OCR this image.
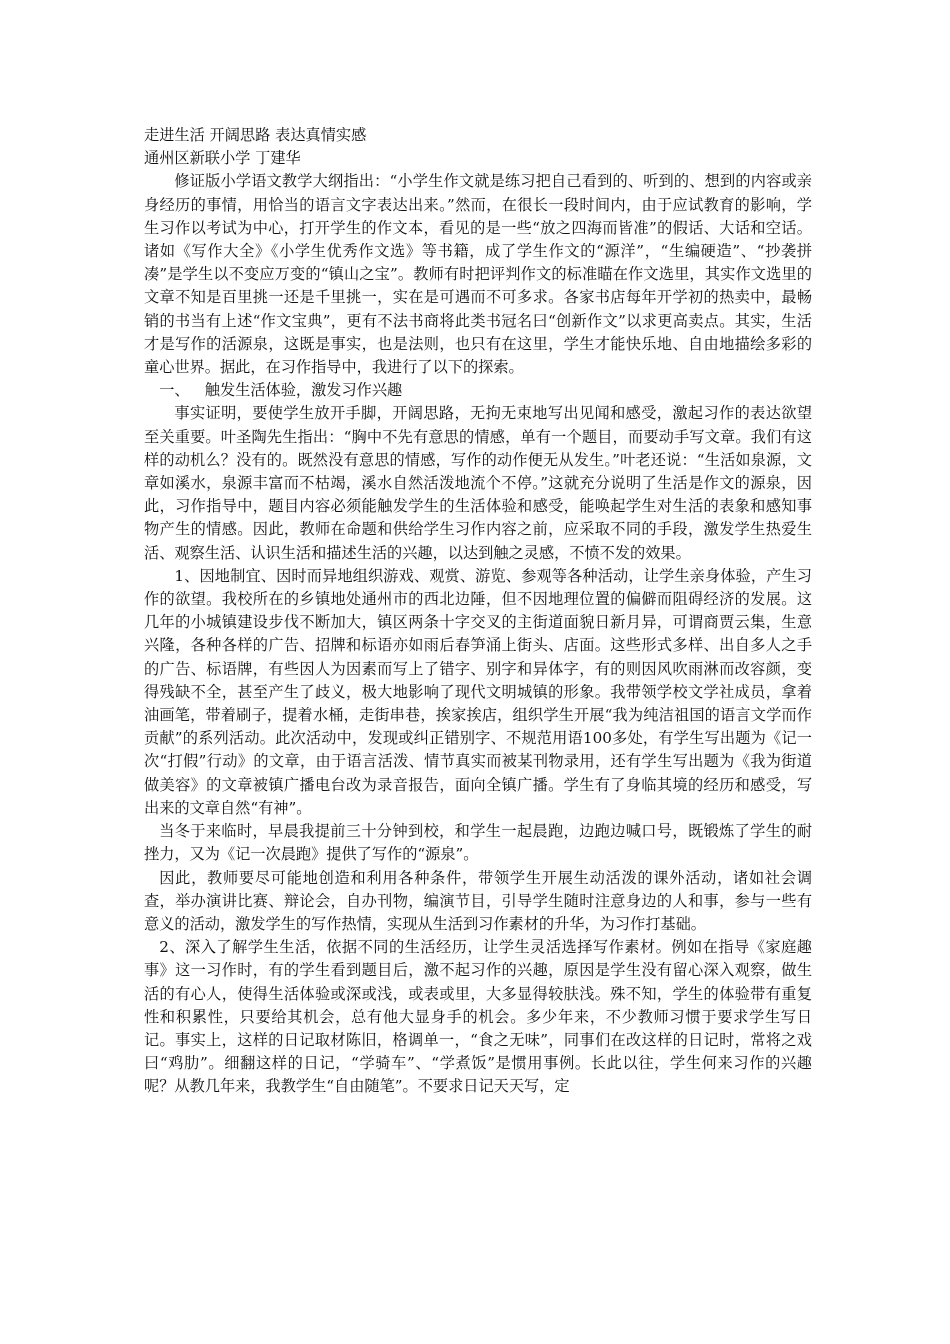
走进生活 开阔思路 表达真情实感

通州区新联小学 丁建华

修证版小学语文教学大纲指出：“小学生作文就是练习把自己看到的、听到的、想到的内容或亲身经历的事情，用恰当的语言文字表达出来。”然而，在很长一段时间内，由于应试教育的影响，学生习作以考试为中心，打开学生的作文本，看见的是一些“放之四海而皆准”的假话、大话和空话。诸如《写作大全》《小学生优秀作文选》等书籍，成了学生作文的“源洋”，“生编硬造”、“抄袭拼凑”是学生以不变应万变的“镇山之宝”。教师有时把评判作文的标准瞄在作文选里，其实作文选里的文章不知是百里挑一还是千里挑一，实在是可遇而不可多求。各家书店每年开学初的热卖中，最畅销的书当有上述“作文宝典”，更有不法书商将此类书冠名曰“创新作文”以求更高卖点。其实，生活才是写作的活源泉，这既是事实，也是法则，也只有在这里，学生才能快乐地、自由地描绘多彩的童心世界。据此，在习作指导中，我进行了以下的探索。

一、 触发生活体验，激发习作兴趣

事实证明，要使学生放开手脚，开阔思路，无拘无束地写出见闻和感受，激起习作的表达欲望至关重要。叶圣陶先生指出：“胸中不先有意思的情感，单有一个题目，而要动手写文章。我们有这样的动机么？没有的。既然没有意思的情感，写作的动作便无从发生。”叶老还说：“生活如泉源，文章如溪水，泉源丰富而不枯竭，溪水自然活泼地流个不停。”这就充分说明了生活是作文的源泉，因此，习作指导中，题目内容必须能触发学生的生活体验和感受，能唤起学生对生活的表象和感知事物产生的情感。因此，教师在命题和供给学生习作内容之前，应采取不同的手段，激发学生热爱生活、观察生活、认识生活和描述生活的兴趣，以达到触之灵感，不愤不发的效果。

1、因地制宜、因时而异地组织游戏、观赏、游览、参观等各种活动，让学生亲身体验，产生习作的欲望。我校所在的乡镇地处通州市的西北边陲，但不因地理位置的偏僻而阻碍经济的发展。这几年的小城镇建设步伐不断加大，镇区两条十字交叉的主街道面貌日新月异，可谓商贾云集，生意兴隆，各种各样的广告、招牌和标语亦如雨后春笋涌上街头、店面。这些形式多样、出自多人之手的广告、标语牌，有些因人为因素而写上了错字、别字和异体字，有的则因风吹雨淋而改容颜，变得残缺不全，甚至产生了歧义，极大地影响了现代文明城镇的形象。我带领学校文学社成员，拿着油画笔，带着刷子，提着水桶，走街串巷，挨家挨店，组织学生开展“我为纯洁祖国的语言文学而作贡献”的系列活动。此次活动中，发现或纠正错别字、不规范用语100多处，有学生写出题为《记一次“打假”行动》的文章，由于语言活泼、情节真实而被某刊物录用，还有学生写出题为《我为街道做美容》的文章被镇广播电台改为录音报告，面向全镇广播。学生有了身临其境的经历和感受，写出来的文章自然“有神”。

当冬于来临时，早晨我提前三十分钟到校，和学生一起晨跑，边跑边喊口号，既锻炼了学生的耐挫力，又为《记一次晨跑》提供了写作的“源泉”。

因此，教师要尽可能地创造和利用各种条件，带领学生开展生动活泼的课外活动，诸如社会调查，举办演讲比赛、辩论会，自办刊物，编演节目，引导学生随时注意身边的人和事，参与一些有意义的活动，激发学生的写作热情，实现从生活到习作素材的升华，为习作打基础。

2、深入了解学生生活，依据不同的生活经历，让学生灵活选择写作素材。例如在指导《家庭趣事》这一习作时，有的学生看到题目后，激不起习作的兴趣，原因是学生没有留心深入观察，做生活的有心人，使得生活体验或深或浅，或表或里，大多显得较肤浅。殊不知，学生的体验带有重复性和积累性，只要给其机会，总有他大显身手的机会。多少年来，不少教师习惯于要求学生写日记。事实上，这样的日记取材陈旧，格调单一，“食之无味”，同事们在改这样的日记时，常将之戏曰“鸡肋”。细翻这样的日记，“学骑车”、“学煮饭”是惯用事例。长此以往，学生何来习作的兴趣呢？从教几年来，我教学生“自由随笔”。不要求日记天天写，定
